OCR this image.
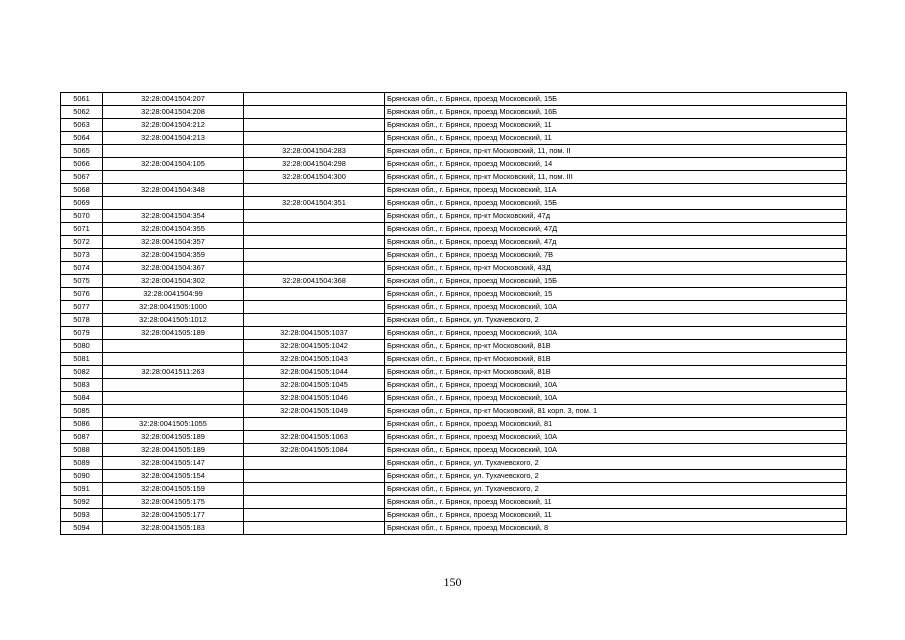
5061	32:28:0041504:207		Брянская обл., г. Брянск, проезд Московский, 15Б
5062	32:28:0041504:208		Брянская обл., г. Брянск, проезд Московский, 16Б
5063	32:28:0041504:212		Брянская обл., г. Брянск, проезд Московский, 11
5064	32:28:0041504:213		Брянская обл., г. Брянск, проезд Московский, 11
5065		32:28:0041504:283	Брянская обл., г. Брянск, пр-кт Московский, 11, пом. II
5066	32:28:0041504:105	32:28:0041504:298	Брянская обл., г. Брянск, проезд Московский, 14
5067		32:28:0041504:300	Брянская обл., г. Брянск, пр-кт Московский, 11, пом. III
5068	32:28:0041504:348		Брянская обл., г. Брянск, проезд Московский, 11А
5069		32:28:0041504:351	Брянская обл., г. Брянск, проезд Московский, 15Б
5070	32:28:0041504:354		Брянская обл., г. Брянск, пр-кт Московский, 47д
5071	32:28:0041504:355		Брянская обл., г. Брянск, проезд Московский, 47Д
5072	32:28:0041504:357		Брянская обл., г. Брянск, проезд Московский, 47д
5073	32:28:0041504:359		Брянская обл., г. Брянск, проезд Московский, 7В
5074	32:28:0041504:367		Брянская обл., г. Брянск, пр-кт Московский, 43Д
5075	32:28:0041504:302	32:28:0041504:368	Брянская обл., г. Брянск, проезд Московский, 15Б
5076	32:28:0041504:99		Брянская обл., г. Брянск, проезд Московский, 15
5077	32:28:0041505:1000		Брянская обл., г. Брянск, проезд Московский, 10А
5078	32:28:0041505:1012		Брянская обл., г. Брянск, ул. Тухачевского, 2
5079	32:28:0041505:189	32:28:0041505:1037	Брянская обл., г. Брянск, проезд Московский, 10А
5080		32:28:0041505:1042	Брянская обл., г. Брянск, пр-кт Московский, 81В
5081		32:28:0041505:1043	Брянская обл., г. Брянск, пр-кт Московский, 81В
5082	32:28:0041511:263	32:28:0041505:1044	Брянская обл., г. Брянск, пр-кт Московский, 81В
5083		32:28:0041505:1045	Брянская обл., г. Брянск, проезд Московский, 10А
5084		32:28:0041505:1046	Брянская обл., г. Брянск, проезд Московский, 10А
5085		32:28:0041505:1049	Брянская обл., г. Брянск, пр-кт Московский, 81 корп. 3, пом. 1
5086	32:28:0041505:1055		Брянская обл., г. Брянск, проезд Московский, 81
5087	32:28:0041505:189	32:28:0041505:1063	Брянская обл., г. Брянск, проезд Московский, 10А
5088	32:28:0041505:189	32:28:0041505:1084	Брянская обл., г. Брянск, проезд Московский, 10А
5089	32:28:0041505:147		Брянская обл., г. Брянск, ул. Тухачевского, 2
5090	32:28:0041505:154		Брянская обл., г. Брянск, ул. Тухачевского, 2
5091	32:28:0041505:159		Брянская обл., г. Брянск, ул. Тухачевского, 2
5092	32:28:0041505:175		Брянская обл., г. Брянск, проезд Московский, 11
5093	32:28:0041505:177		Брянская обл., г. Брянск, проезд Московский, 11
5094	32:28:0041505:183		Брянская обл., г. Брянск, проезд Московский, 8
150
